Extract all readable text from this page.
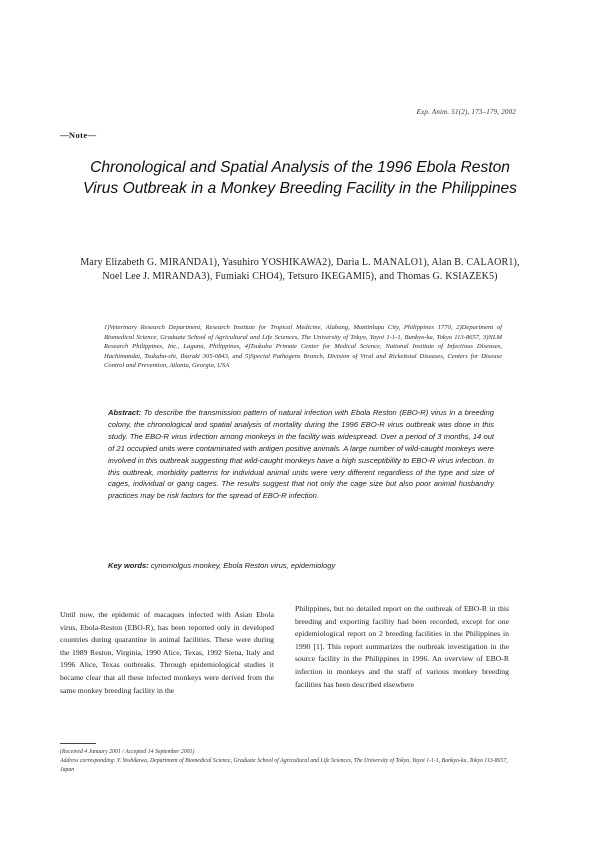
Exp. Anim. 51(2), 173–179, 2002
—Note—
Chronological and Spatial Analysis of the 1996 Ebola Reston Virus Outbreak in a Monkey Breeding Facility in the Philippines
Mary Elizabeth G. MIRANDA1), Yasuhiro YOSHIKAWA2), Daria L. MANALO1), Alan B. CALAOR1), Noel Lee J. MIRANDA3), Fumiaki CHO4), Tetsuro IKEGAMI5), and Thomas G. KSIAZEK5)
1)Veterinary Research Department, Research Institute for Tropical Medicine, Alabang, Muntinlupa City, Philippines 1770, 2)Department of Biomedical Science, Graduate School of Agricultural and Life Sciences, The University of Tokyo, Yayoi 1-1-1, Bunkyo-ku, Tokyo 113-8657, 3)NLM Research Philippines, Inc., Laguna, Philippines, 4)Tsukuba Primate Center for Medical Science, National Institute of Infectious Diseases, Hachimandai, Tsukuba-shi, Ibaraki 305-0843, and 5)Special Pathogens Branch, Division of Viral and Rickettsial Diseases, Centers for Disease Control and Prevention, Atlanta, Georgia, USA
Abstract: To describe the transmission pattern of natural infection with Ebola Reston (EBO-R) virus in a breeding colony, the chronological and spatial analysis of mortality during the 1996 EBO-R virus outbreak was done in this study. The EBO-R virus infection among monkeys in the facility was widespread. Over a period of 3 months, 14 out of 21 occupied units were contaminated with antigen positive animals. A large number of wild-caught monkeys were involved in this outbreak suggesting that wild-caught monkeys have a high susceptibility to EBO-R virus infection. In this outbreak, morbidity patterns for individual animal units were very different regardless of the type and size of cages, individual or gang cages. The results suggest that not only the cage size but also poor animal husbandry practices may be risk factors for the spread of EBO-R infection.
Key words: cynomolgus monkey, Ebola Reston virus, epidemiology
Until now, the epidemic of macaques infected with Asian Ebola virus, Ebola-Reston (EBO-R), has been reported only in developed countries during quarantine in animal facilities. These were during the 1989 Reston, Virginia, 1990 Alice, Texas, 1992 Siena, Italy and 1996 Alice, Texas outbreaks. Through epidemiological studies it became clear that all these infected monkeys were derived from the same monkey breeding facility in the
Philippines, but no detailed report on the outbreak of EBO-R in this breeding and exporting facility had been recorded, except for one epidemiological report on 2 breeding facilities in the Philippines in 1990 [1]. This report summarizes the outbreak investigation in the source facility in the Philippines in 1996. An overview of EBO-R infection in monkeys and the staff of various monkey breeding facilities has been described elsewhere
(Received 4 January 2001 / Accepted 14 September 2001)
Address corresponding: Y. Yoshikawa, Department of Biomedical Science, Graduate School of Agricultural and Life Sciences, The University of Tokyo, Yayoi 1-1-1, Bunkyo-ku, Tokyo 113-8657, Japan
